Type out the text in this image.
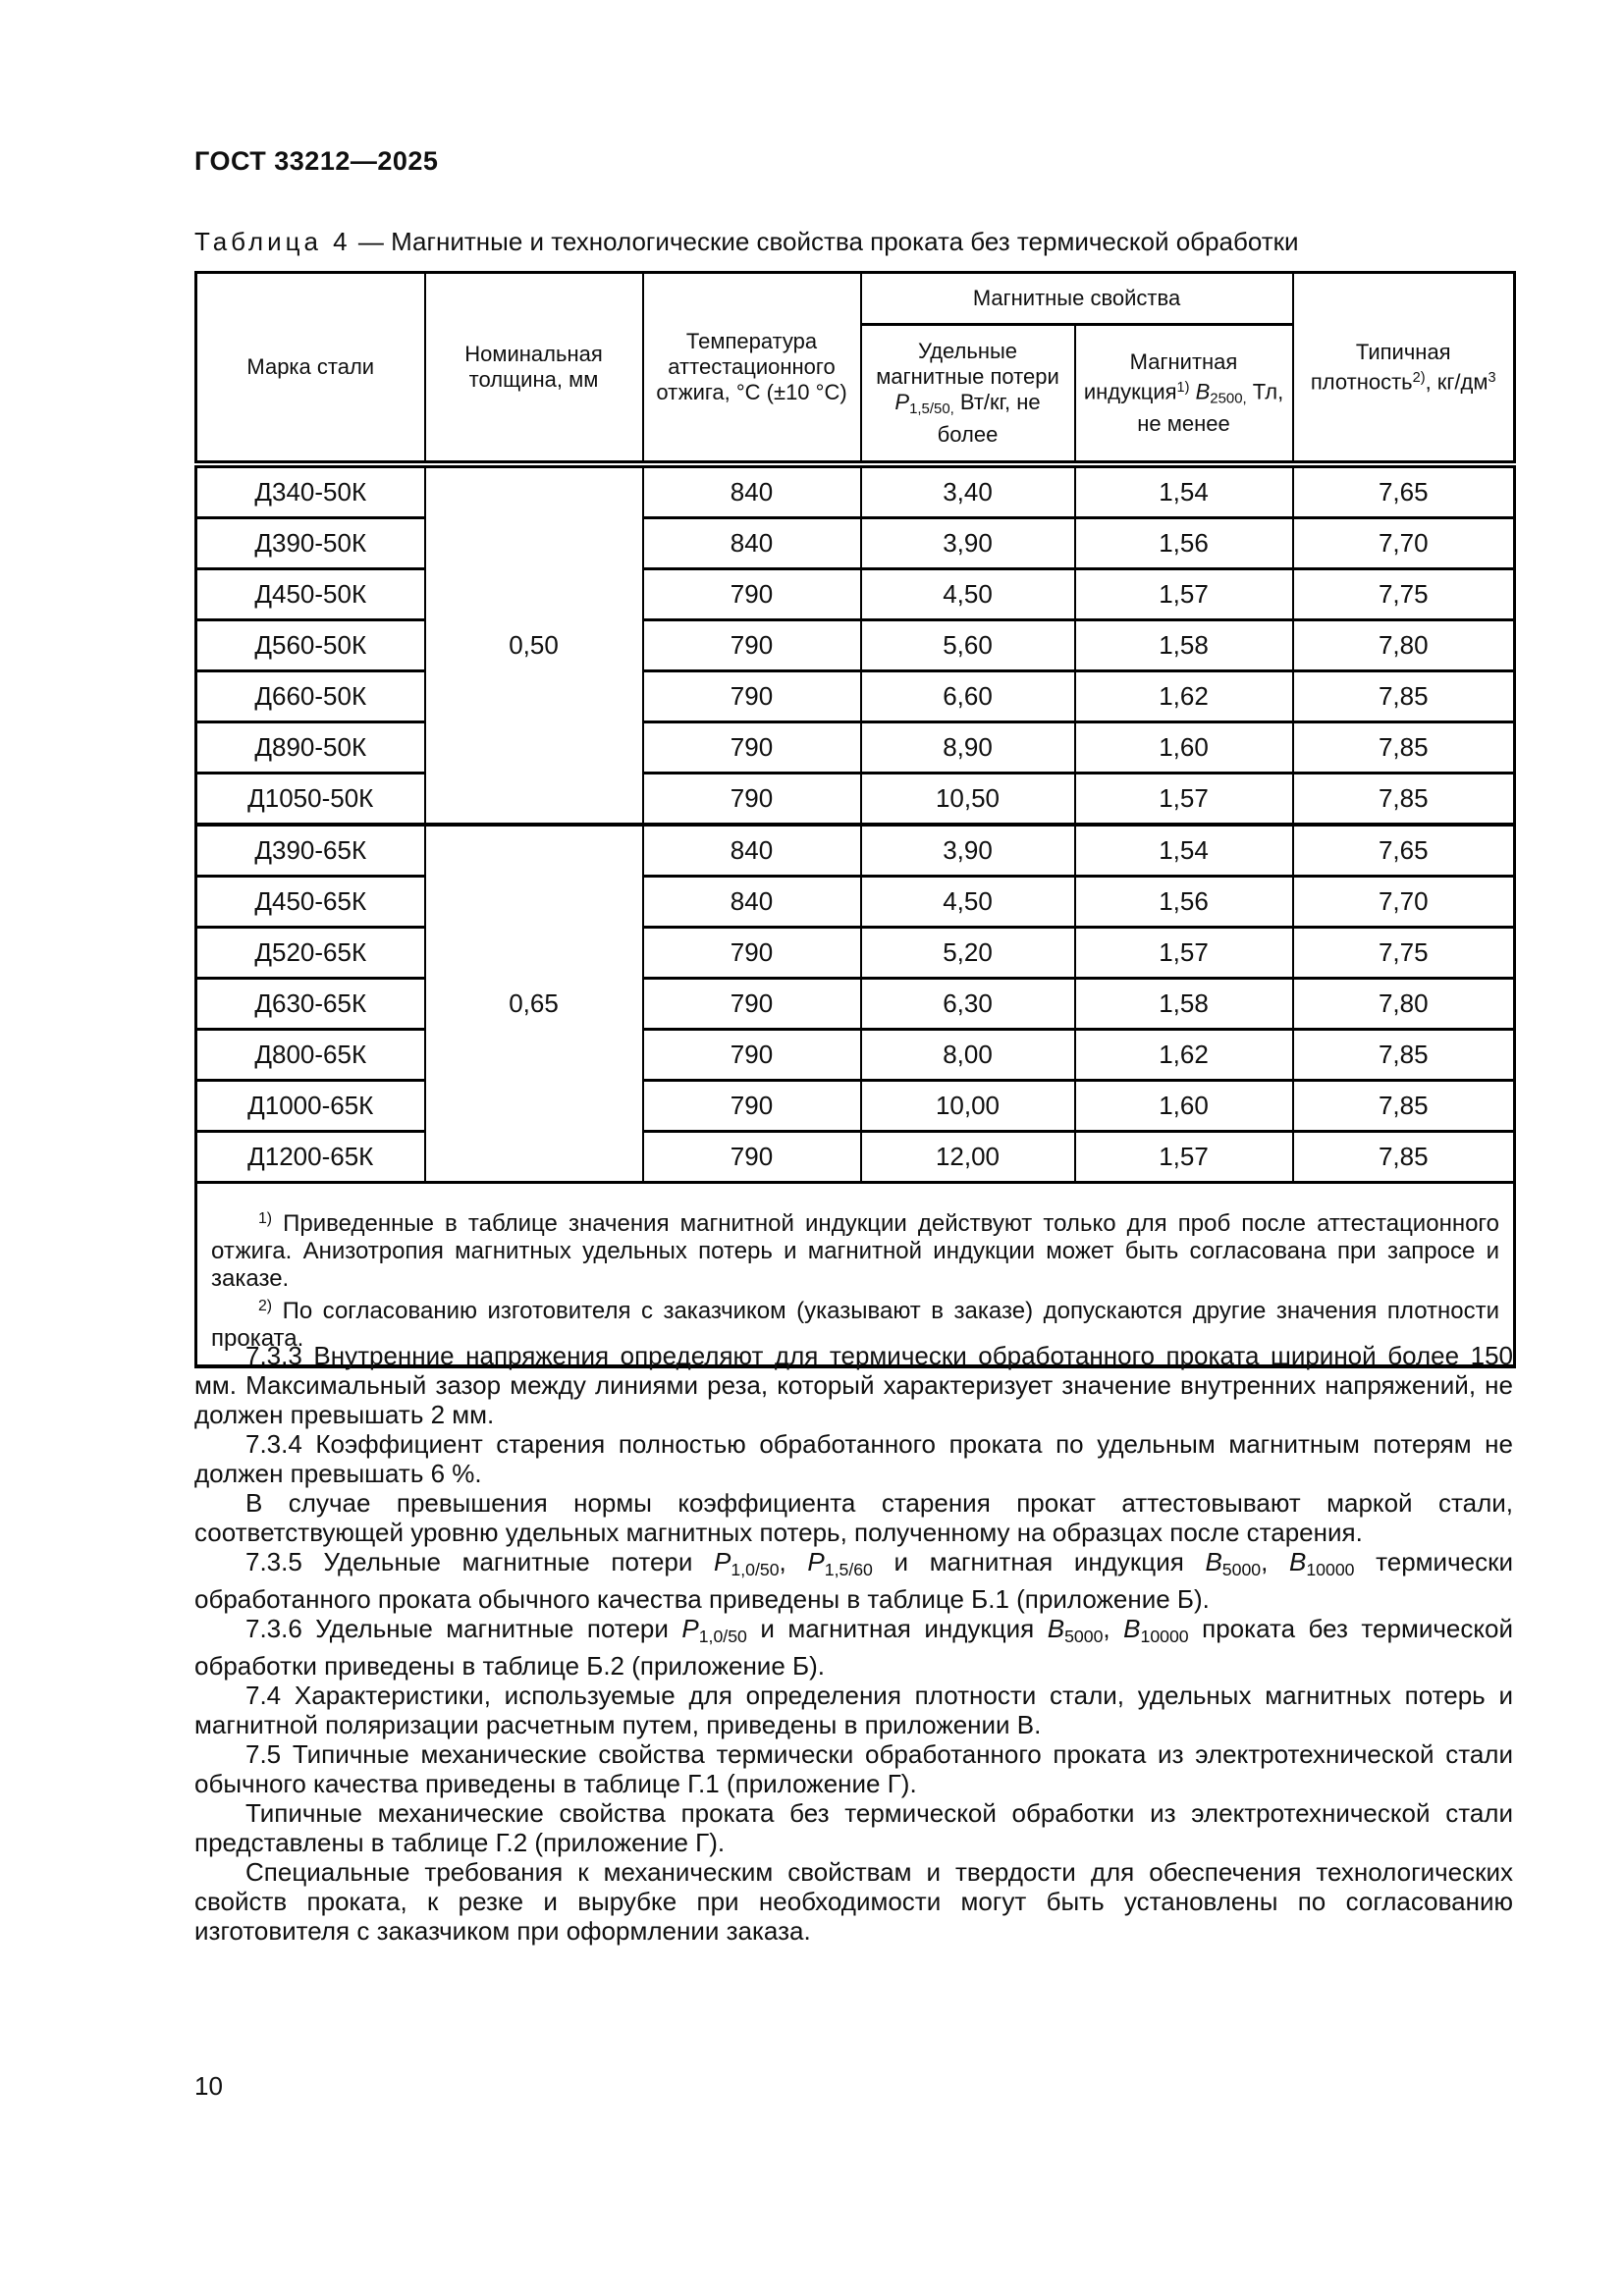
ГОСТ 33212—2025
Таблица 4 — Магнитные и технологические свойства проката без термической обработки
Марка стали	Номинальная толщина, мм	Температура аттестационного отжига, °С (±10 °С)	Магнитные свойства		Типичная плотность$^{2)}$, $кг/дм^3$
			Удельные магнитные потери $P_{1,5/50,}$ Вт/кг, не более	Магнитная индукция$^{1)}$ $B_{2500,}$ Тл, не менее	
Д340-50К	0,50	840	3,40	1,54	7,65
Д390-50К		840	3,90	1,56	7,70
Д450-50К		790	4,50	1,57	7,75
Д560-50К		790	5,60	1,58	7,80
Д660-50К		790	6,60	1,62	7,85
Д890-50К		790	8,90	1,60	7,85
Д1050-50К		790	10,50	1,57	7,85
Д390-65К	0,65	840	3,90	1,54	7,65
Д450-65К		840	4,50	1,56	7,70
Д520-65К		790	5,20	1,57	7,75
Д630-65К		790	6,30	1,58	7,80
Д800-65К		790	8,00	1,62	7,85
Д1000-65К		790	10,00	1,60	7,85
Д1200-65К		790	12,00	1,57	7,85

$^{1)}$ Приведенные в таблице значения магнитной индукции действуют только для проб после аттестационного отжига. Анизотропия магнитных удельных потерь и магнитной индукции может быть согласована при запросе и заказе.
$^{2)}$ По согласованию изготовителя с заказчиком (указывают в заказе) допускаются другие значения плотности проката.					
7.3.3 Внутренние напряжения определяют для термически обработанного проката шириной более 150 мм. Максимальный зазор между линиями реза, который характеризует значение внутренних напряжений, не должен превышать 2 мм.
7.3.4 Коэффициент старения полностью обработанного проката по удельным магнитным потерям не должен превышать 6 %.
В случае превышения нормы коэффициента старения прокат аттестовывают маркой стали, соответствующей уровню удельных магнитных потерь, полученному на образцах после старения.
7.3.5 Удельные магнитные потери $P_{1,0/50}$, $P_{1,5/60}$ и магнитная индукция $B_{5000}$, $B_{10000}$ термически обработанного проката обычного качества приведены в таблице Б.1 (приложение Б).
7.3.6 Удельные магнитные потери $P_{1,0/50}$ и магнитная индукция $B_{5000}$, $B_{10000}$ проката без термической обработки приведены в таблице Б.2 (приложение Б).
7.4 Характеристики, используемые для определения плотности стали, удельных магнитных потерь и магнитной поляризации расчетным путем, приведены в приложении В.
7.5 Типичные механические свойства термически обработанного проката из электротехнической стали обычного качества приведены в таблице Г.1 (приложение Г).
Типичные механические свойства проката без термической обработки из электротехнической стали представлены в таблице Г.2 (приложение Г).
Специальные требования к механическим свойствам и твердости для обеспечения технологических свойств проката, к резке и вырубке при необходимости могут быть установлены по согласованию изготовителя с заказчиком при оформлении заказа.
10
